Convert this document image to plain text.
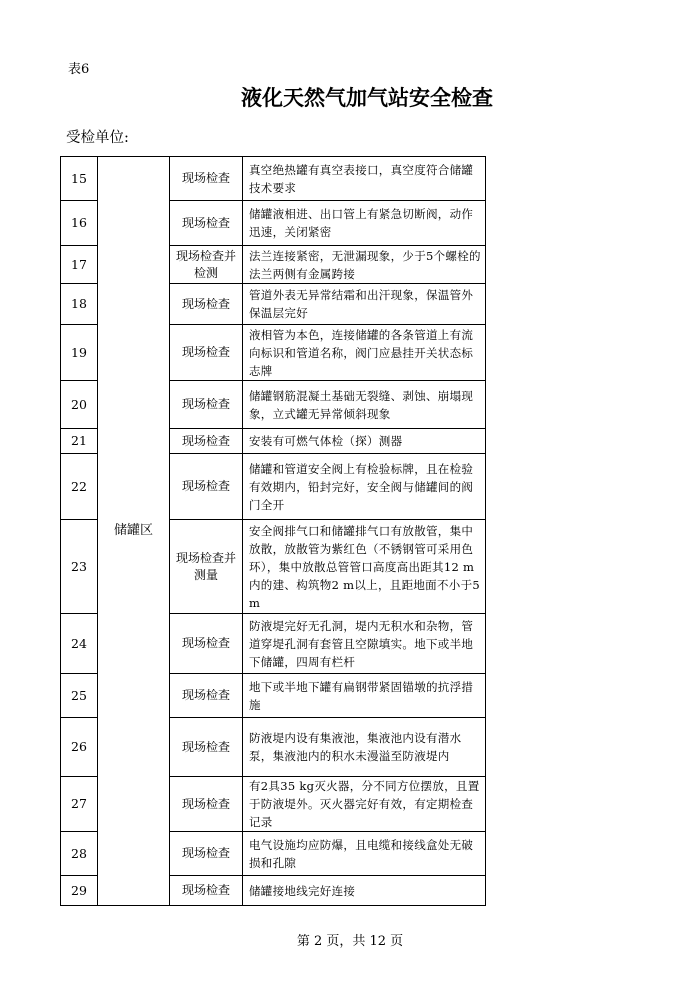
表6
液化天然气加气站安全检查
受检单位:
15	储罐区	现场检查	真空绝热罐有真空表接口，真空度符合储罐技术要求
16		现场检查	储罐液相进、出口管上有紧急切断阀，动作迅速，关闭紧密
17		现场检查并检测	法兰连接紧密，无泄漏现象，少于5个螺栓的法兰两侧有金属跨接
18		现场检查	管道外表无异常结霜和出汗现象，保温管外保温层完好
19		现场检查	液相管为本色，连接储罐的各条管道上有流向标识和管道名称，阀门应悬挂开关状态标志牌
20		现场检查	储罐钢筋混凝土基础无裂缝、剥蚀、崩塌现象，立式罐无异常倾斜现象
21		现场检查	安装有可燃气体检（探）测器
22		现场检查	储罐和管道安全阀上有检验标牌，且在检验有效期内，铅封完好，安全阀与储罐间的阀门全开
23		现场检查并测量	安全阀排气口和储罐排气口有放散管，集中放散，放散管为紫红色（不锈钢管可采用色环），集中放散总管管口高度高出距其12 m内的建、构筑物2 m以上，且距地面不小于5 m
24		现场检查	防液堤完好无孔洞，堤内无积水和杂物，管道穿堤孔洞有套管且空隙填实。地下或半地下储罐，四周有栏杆
25		现场检查	地下或半地下罐有扁钢带紧固锚墩的抗浮措施
26		现场检查	防液堤内设有集液池，集液池内设有潜水泵，集液池内的积水未漫溢至防液堤内
27		现场检查	有2具35 kg灭火器，分不同方位摆放，且置于防液堤外。灭火器完好有效，有定期检查记录
28		现场检查	电气设施均应防爆，且电缆和接线盒处无破损和孔隙
29		现场检查	储罐接地线完好连接
第 2 页，共 12 页
